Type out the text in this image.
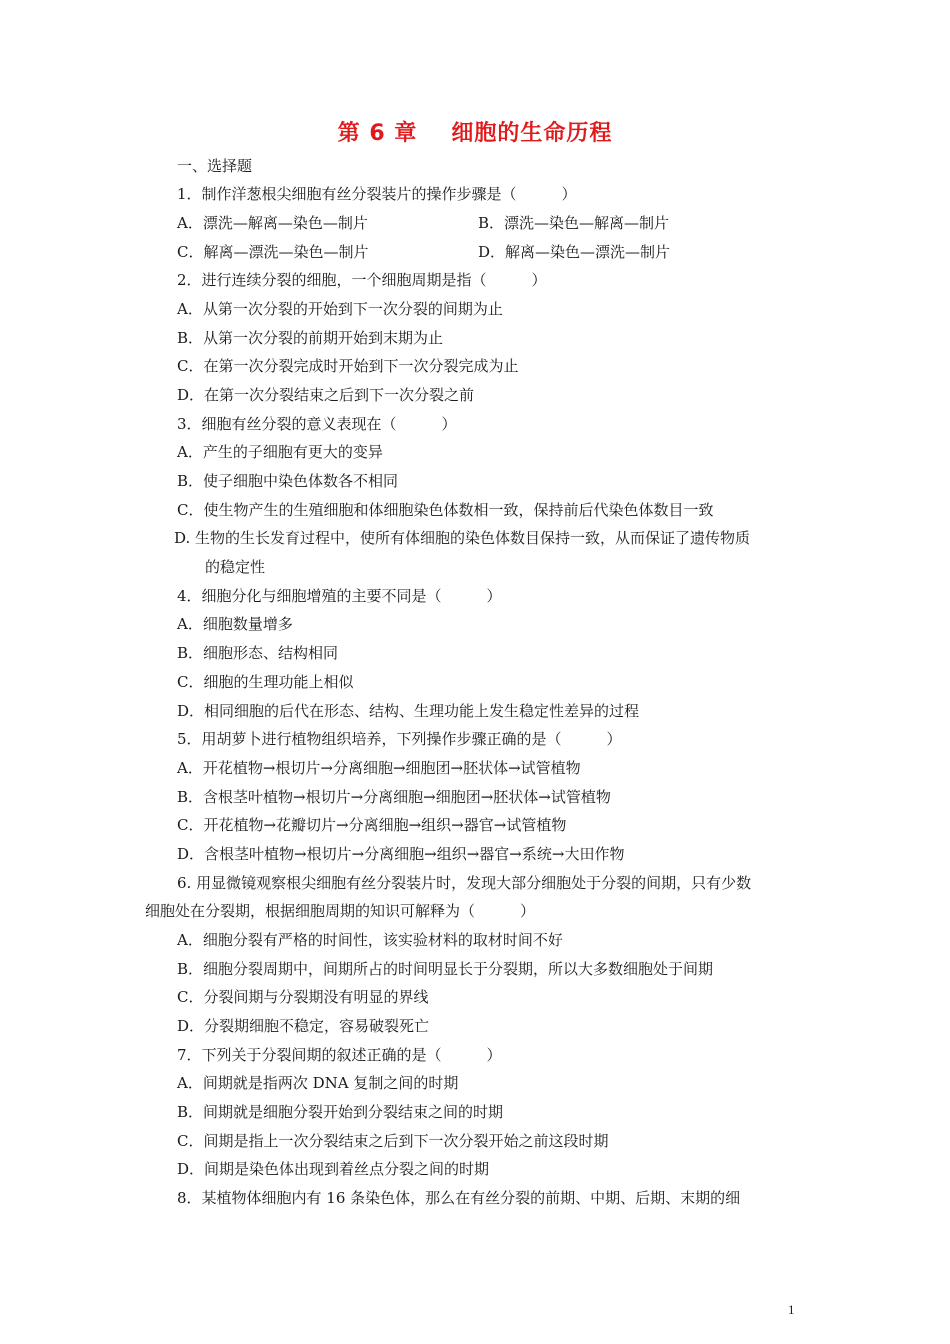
第 6 章 细胞的生命历程
一、选择题
1．制作洋葱根尖细胞有丝分裂装片的操作步骤是（　　　）
A．漂洗—解离—染色—制片	B．漂洗—染色—解离—制片
C．解离—漂洗—染色—制片	D．解离—染色—漂洗—制片
2．进行连续分裂的细胞，一个细胞周期是指（　　　）
A．从第一次分裂的开始到下一次分裂的间期为止
B．从第一次分裂的前期开始到末期为止
C．在第一次分裂完成时开始到下一次分裂完成为止
D．在第一次分裂结束之后到下一次分裂之前
3．细胞有丝分裂的意义表现在（　　　）
A．产生的子细胞有更大的变异
B．使子细胞中染色体数各不相同
C．使生物产生的生殖细胞和体细胞染色体数相一致，保持前后代染色体数目一致
D. 生物的生长发育过程中，使所有体细胞的染色体数目保持一致，从而保证了遗传物质
的稳定性
4．细胞分化与细胞增殖的主要不同是（　　　）
A．细胞数量增多
B．细胞形态、结构相同
C．细胞的生理功能上相似
D．相同细胞的后代在形态、结构、生理功能上发生稳定性差异的过程
5．用胡萝卜进行植物组织培养，下列操作步骤正确的是（　　　）
A．开花植物→根切片→分离细胞→细胞团→胚状体→试管植物
B．含根茎叶植物→根切片→分离细胞→细胞团→胚状体→试管植物
C．开花植物→花瓣切片→分离细胞→组织→器官→试管植物
D．含根茎叶植物→根切片→分离细胞→组织→器官→系统→大田作物
6. 用显微镜观察根尖细胞有丝分裂装片时，发现大部分细胞处于分裂的间期，只有少数
细胞处在分裂期，根据细胞周期的知识可解释为（　　　）
A．细胞分裂有严格的时间性，该实验材料的取材时间不好
B．细胞分裂周期中，间期所占的时间明显长于分裂期，所以大多数细胞处于间期
C．分裂间期与分裂期没有明显的界线
D．分裂期细胞不稳定，容易破裂死亡
7．下列关于分裂间期的叙述正确的是（　　　）
A．间期就是指两次 DNA 复制之间的时期
B．间期就是细胞分裂开始到分裂结束之间的时期
C．间期是指上一次分裂结束之后到下一次分裂开始之前这段时期
D．间期是染色体出现到着丝点分裂之间的时期
8．某植物体细胞内有 16 条染色体，那么在有丝分裂的前期、中期、后期、末期的细
1
